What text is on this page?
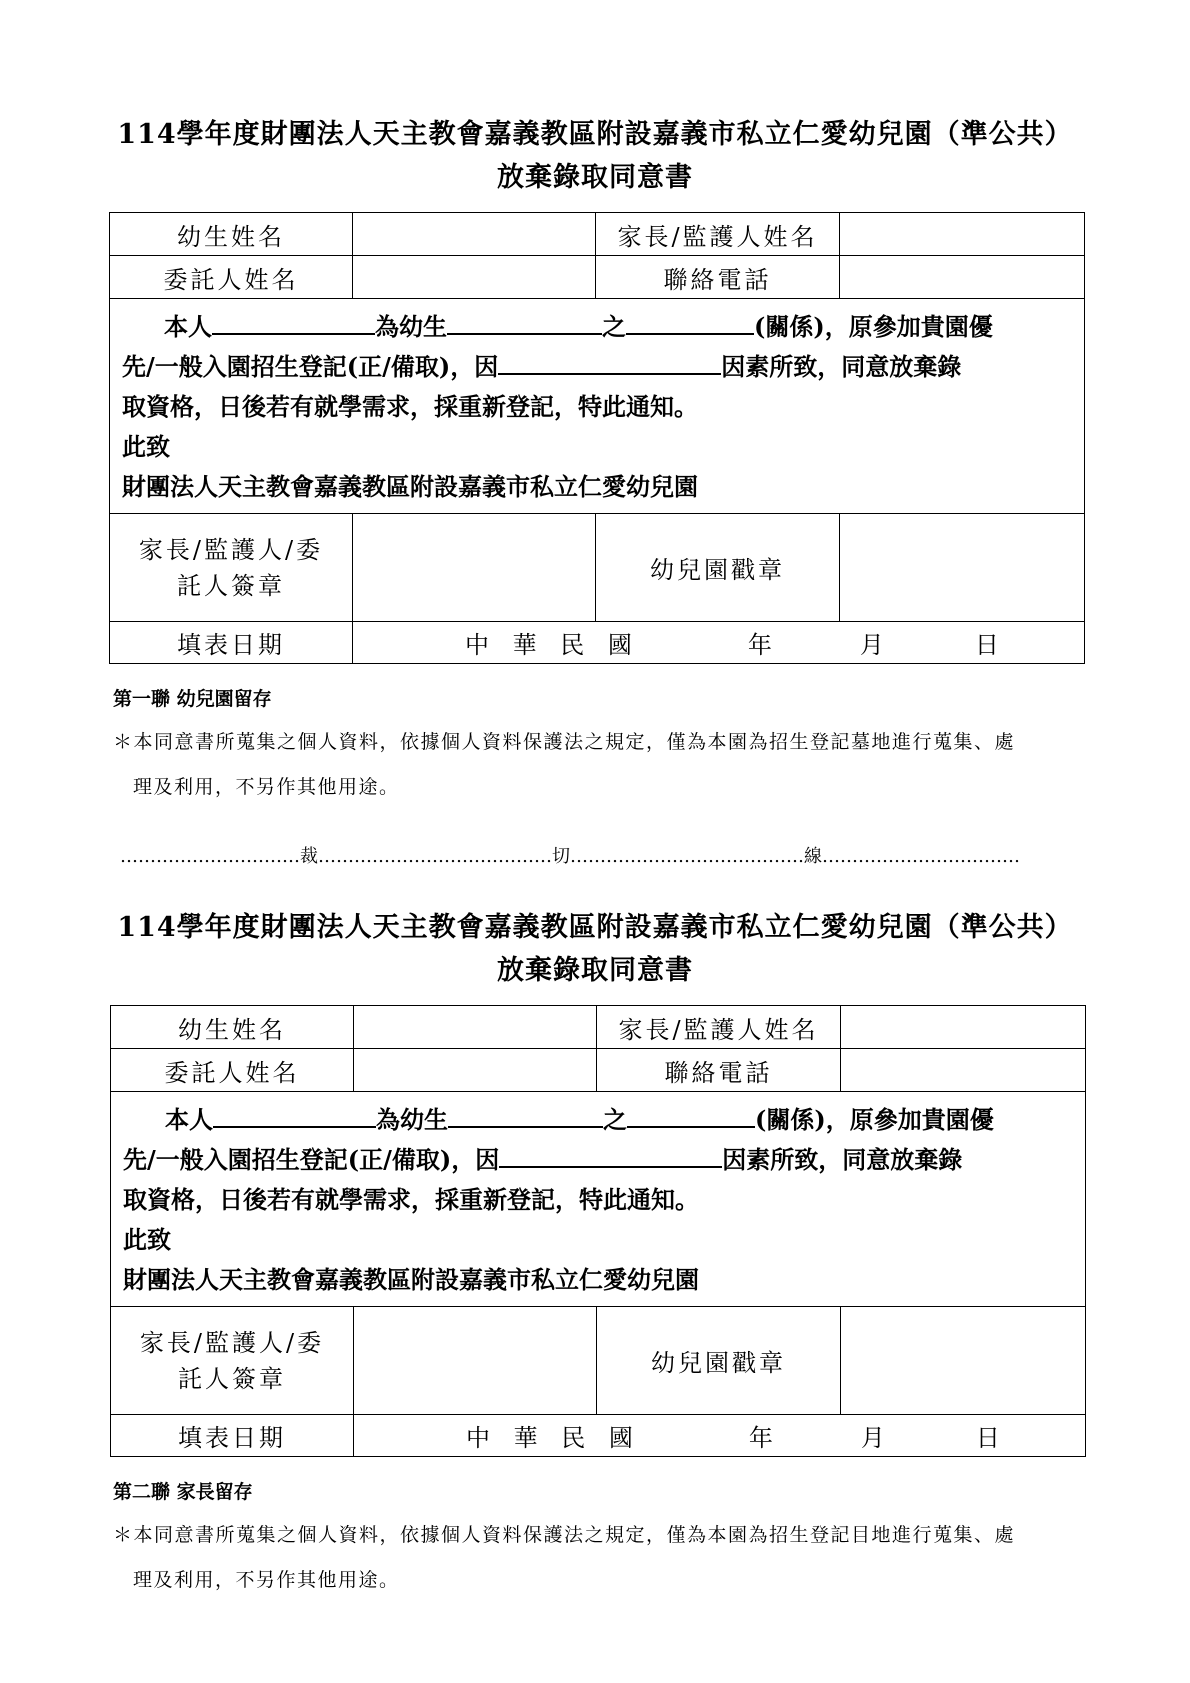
114學年度財團法人天主教會嘉義教區附設嘉義市私立仁愛幼兒園（準公共）
放棄錄取同意書
幼生姓名		家長/監護人姓名	
委託人姓名		聯絡電話	

本人 為幼生 之 (關係)，原參加貴園優
先/一般入園招生登記(正/備取)，因 因素所致，同意放棄錄
取資格，日後若有就學需求，採重新登記，特此通知。
此致
財團法人天主教會嘉義教區附設嘉義市私立仁愛幼兒園			

家長/監護人/委
託人簽章		幼兒園戳章	
填表日期	中 華 民 國 年 月 日		
第一聯 幼兒園留存
＊本同意書所蒐集之個人資料，依據個人資料保護法之規定，僅為本園為招生登記墓地進行蒐集、處
理及利用，不另作其他用途。
…………………………裁…………………………………切…………………………………線……………………………
114學年度財團法人天主教會嘉義教區附設嘉義市私立仁愛幼兒園（準公共）
放棄錄取同意書
幼生姓名		家長/監護人姓名	
委託人姓名		聯絡電話	

本人 為幼生 之 (關係)，原參加貴園優
先/一般入園招生登記(正/備取)，因 因素所致，同意放棄錄
取資格，日後若有就學需求，採重新登記，特此通知。
此致
財團法人天主教會嘉義教區附設嘉義市私立仁愛幼兒園			

家長/監護人/委
託人簽章		幼兒園戳章	
填表日期	中 華 民 國 年 月 日		
第二聯 家長留存
＊本同意書所蒐集之個人資料，依據個人資料保護法之規定，僅為本園為招生登記目地進行蒐集、處
理及利用，不另作其他用途。
